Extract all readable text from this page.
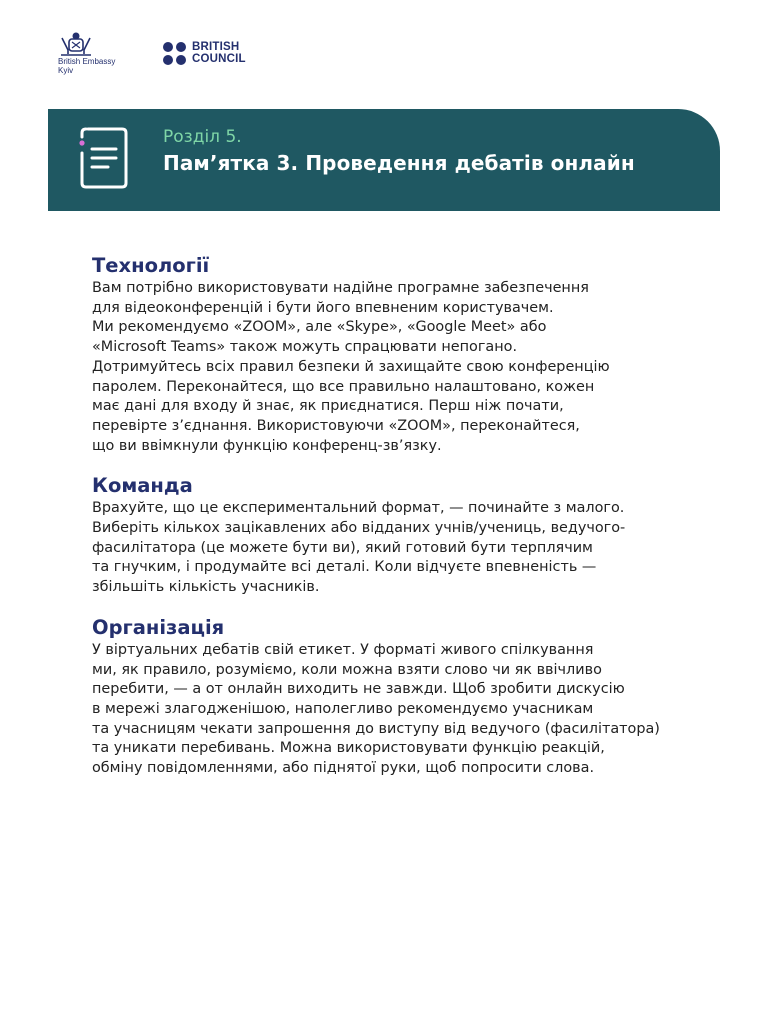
British Embassy
Kyiv
BRITISH
COUNCIL
Розділ 5.
Пам’ятка 3. Проведення дебатів онлайн
Технології

Вам потрібно використовувати надійне програмне забезпечення
для відеоконференцій і бути його впевненим користувачем.
Ми рекомендуємо «ZOOM», але «Skype», «Google Meet» або
«Microsoft Teams» також можуть спрацювати непогано.
Дотримуйтесь всіх правил безпеки й захищайте свою конференцію
паролем. Переконайтеся, що все правильно налаштовано, кожен
має дані для входу й знає, як приєднатися. Перш ніж почати,
перевірте з’єднання. Використовуючи «ZOOM», переконайтеся,
що ви ввімкнули функцію конференц-зв’язку.

Команда

Врахуйте, що це експериментальний формат, — починайте з малого.
Виберіть кількох зацікавлених або відданих учнів/учениць, ведучого-
фасилітатора (це можете бути ви), який готовий бути терплячим
та гнучким, і продумайте всі деталі. Коли відчуєте впевненість —
збільшіть кількість учасників.

Організація

У віртуальних дебатів свій етикет. У форматі живого спілкування
ми, як правило, розуміємо, коли можна взяти слово чи як ввічливо
перебити, — а от онлайн виходить не завжди. Щоб зробити дискусію
в мережі злагодженішою, наполегливо рекомендуємо учасникам
та учасницям чекати запрошення до виступу від ведучого (фасилітатора)
та уникати перебивань. Можна використовувати функцію реакцій,
обміну повідомленнями, або піднятої руки, щоб попросити слова.
